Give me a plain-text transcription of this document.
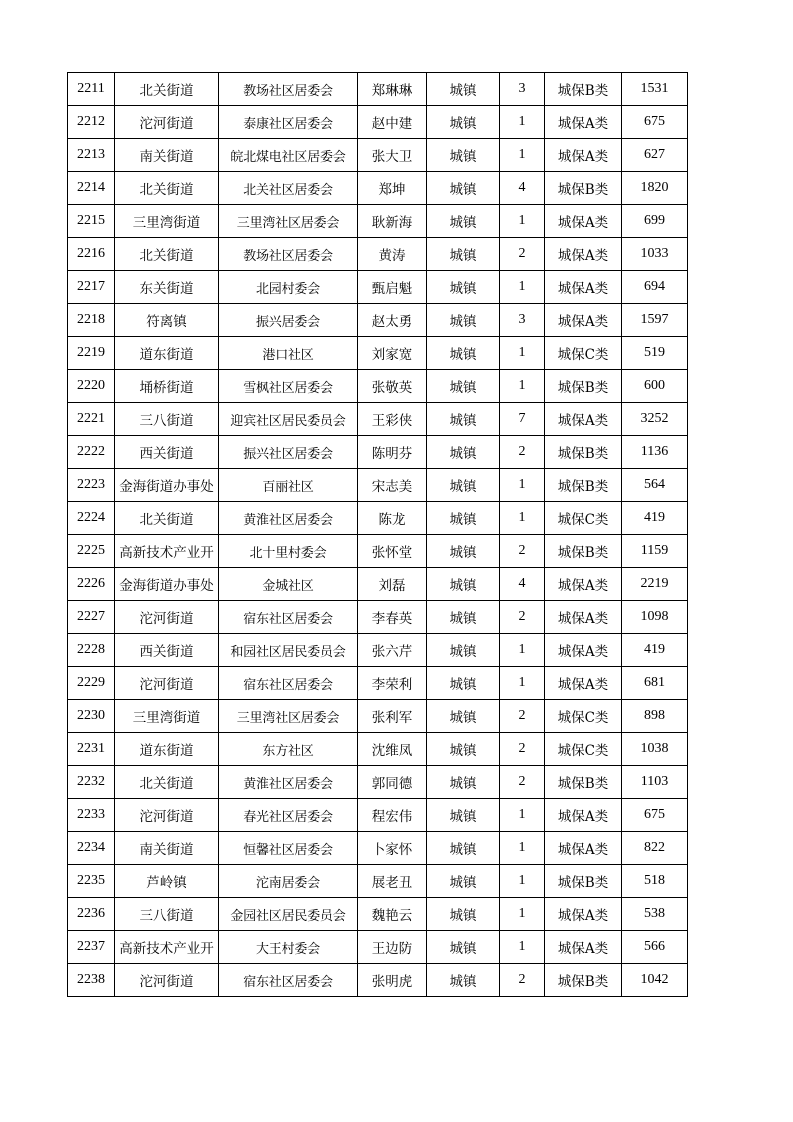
2211	北关街道	教场社区居委会	郑琳琳	城镇	3	城保B类	1531
2212	沱河街道	泰康社区居委会	赵中建	城镇	1	城保A类	675
2213	南关街道	皖北煤电社区居委会	张大卫	城镇	1	城保A类	627
2214	北关街道	北关社区居委会	郑坤	城镇	4	城保B类	1820
2215	三里湾街道	三里湾社区居委会	耿新海	城镇	1	城保A类	699
2216	北关街道	教场社区居委会	黄涛	城镇	2	城保A类	1033
2217	东关街道	北园村委会	甄启魁	城镇	1	城保A类	694
2218	符离镇	振兴居委会	赵太勇	城镇	3	城保A类	1597
2219	道东街道	港口社区	刘家宽	城镇	1	城保C类	519
2220	埇桥街道	雪枫社区居委会	张敬英	城镇	1	城保B类	600
2221	三八街道	迎宾社区居民委员会	王彩侠	城镇	7	城保A类	3252
2222	西关街道	振兴社区居委会	陈明芬	城镇	2	城保B类	1136
2223	金海街道办事处	百丽社区	宋志美	城镇	1	城保B类	564
2224	北关街道	黄淮社区居委会	陈龙	城镇	1	城保C类	419
2225	高新技术产业开	北十里村委会	张怀堂	城镇	2	城保B类	1159
2226	金海街道办事处	金城社区	刘磊	城镇	4	城保A类	2219
2227	沱河街道	宿东社区居委会	李春英	城镇	2	城保A类	1098
2228	西关街道	和园社区居民委员会	张六芹	城镇	1	城保A类	419
2229	沱河街道	宿东社区居委会	李荣利	城镇	1	城保A类	681
2230	三里湾街道	三里湾社区居委会	张利军	城镇	2	城保C类	898
2231	道东街道	东方社区	沈维凤	城镇	2	城保C类	1038
2232	北关街道	黄淮社区居委会	郭同德	城镇	2	城保B类	1103
2233	沱河街道	春光社区居委会	程宏伟	城镇	1	城保A类	675
2234	南关街道	恒馨社区居委会	卜家怀	城镇	1	城保A类	822
2235	芦岭镇	沱南居委会	展老丑	城镇	1	城保B类	518
2236	三八街道	金园社区居民委员会	魏艳云	城镇	1	城保A类	538
2237	高新技术产业开	大王村委会	王边防	城镇	1	城保A类	566
2238	沱河街道	宿东社区居委会	张明虎	城镇	2	城保B类	1042
